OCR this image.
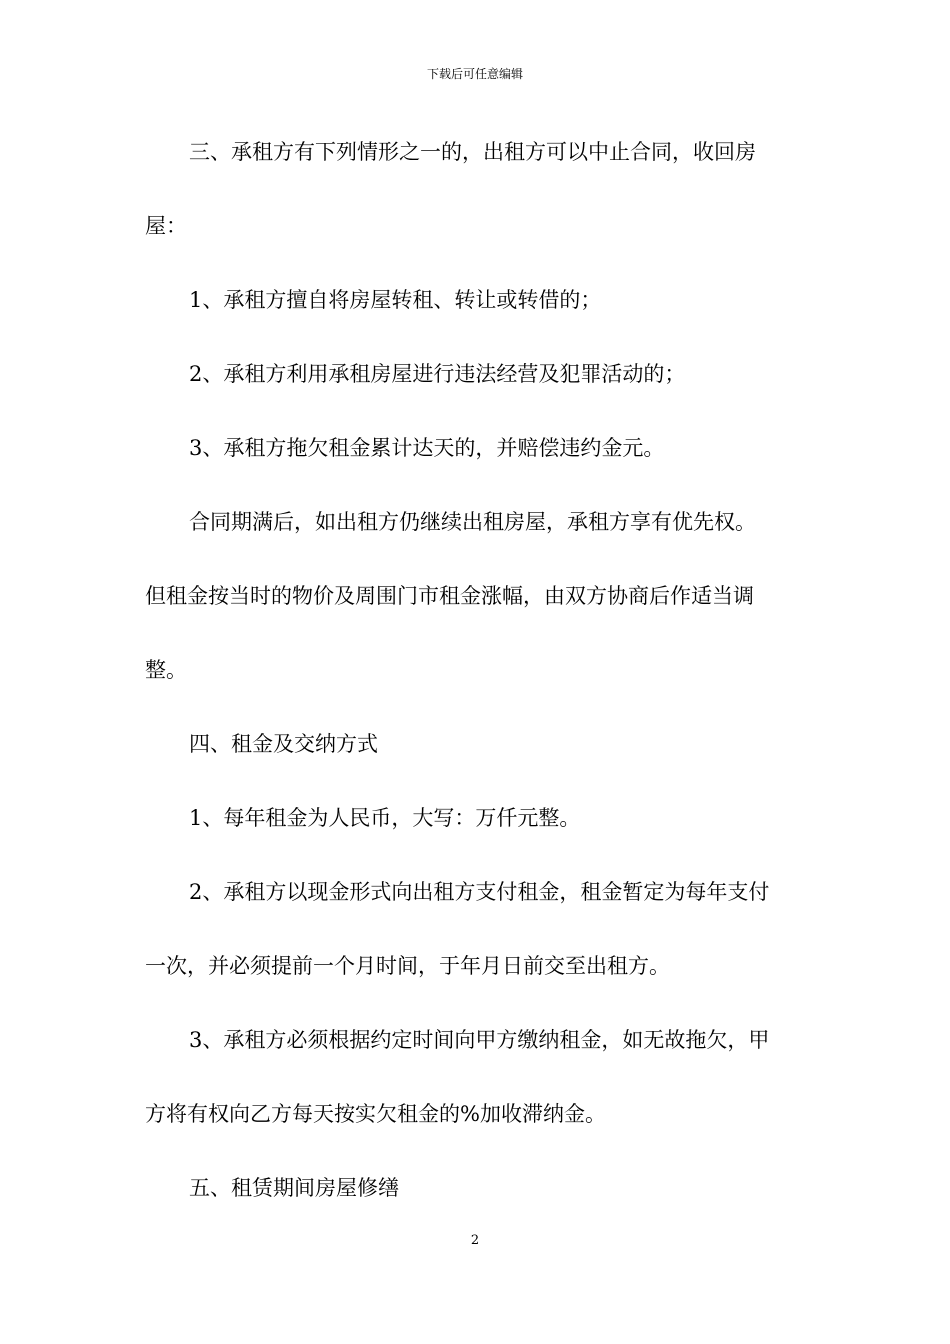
下载后可任意编辑

三、承租方有下列情形之一的，出租方可以中止合同，收回房

屋：

1、承租方擅自将房屋转租、转让或转借的；

2、承租方利用承租房屋进行违法经营及犯罪活动的；

3、承租方拖欠租金累计达天的，并赔偿违约金元。

合同期满后，如出租方仍继续出租房屋，承租方享有优先权。

但租金按当时的物价及周围门市租金涨幅，由双方协商后作适当调

整。

四、租金及交纳方式

1、每年租金为人民币，大写：万仟元整。

2、承租方以现金形式向出租方支付租金，租金暂定为每年支付

一次，并必须提前一个月时间，于年月日前交至出租方。

3、承租方必须根据约定时间向甲方缴纳租金，如无故拖欠，甲

方将有权向乙方每天按实欠租金的%加收滞纳金。

五、租赁期间房屋修缮

2
